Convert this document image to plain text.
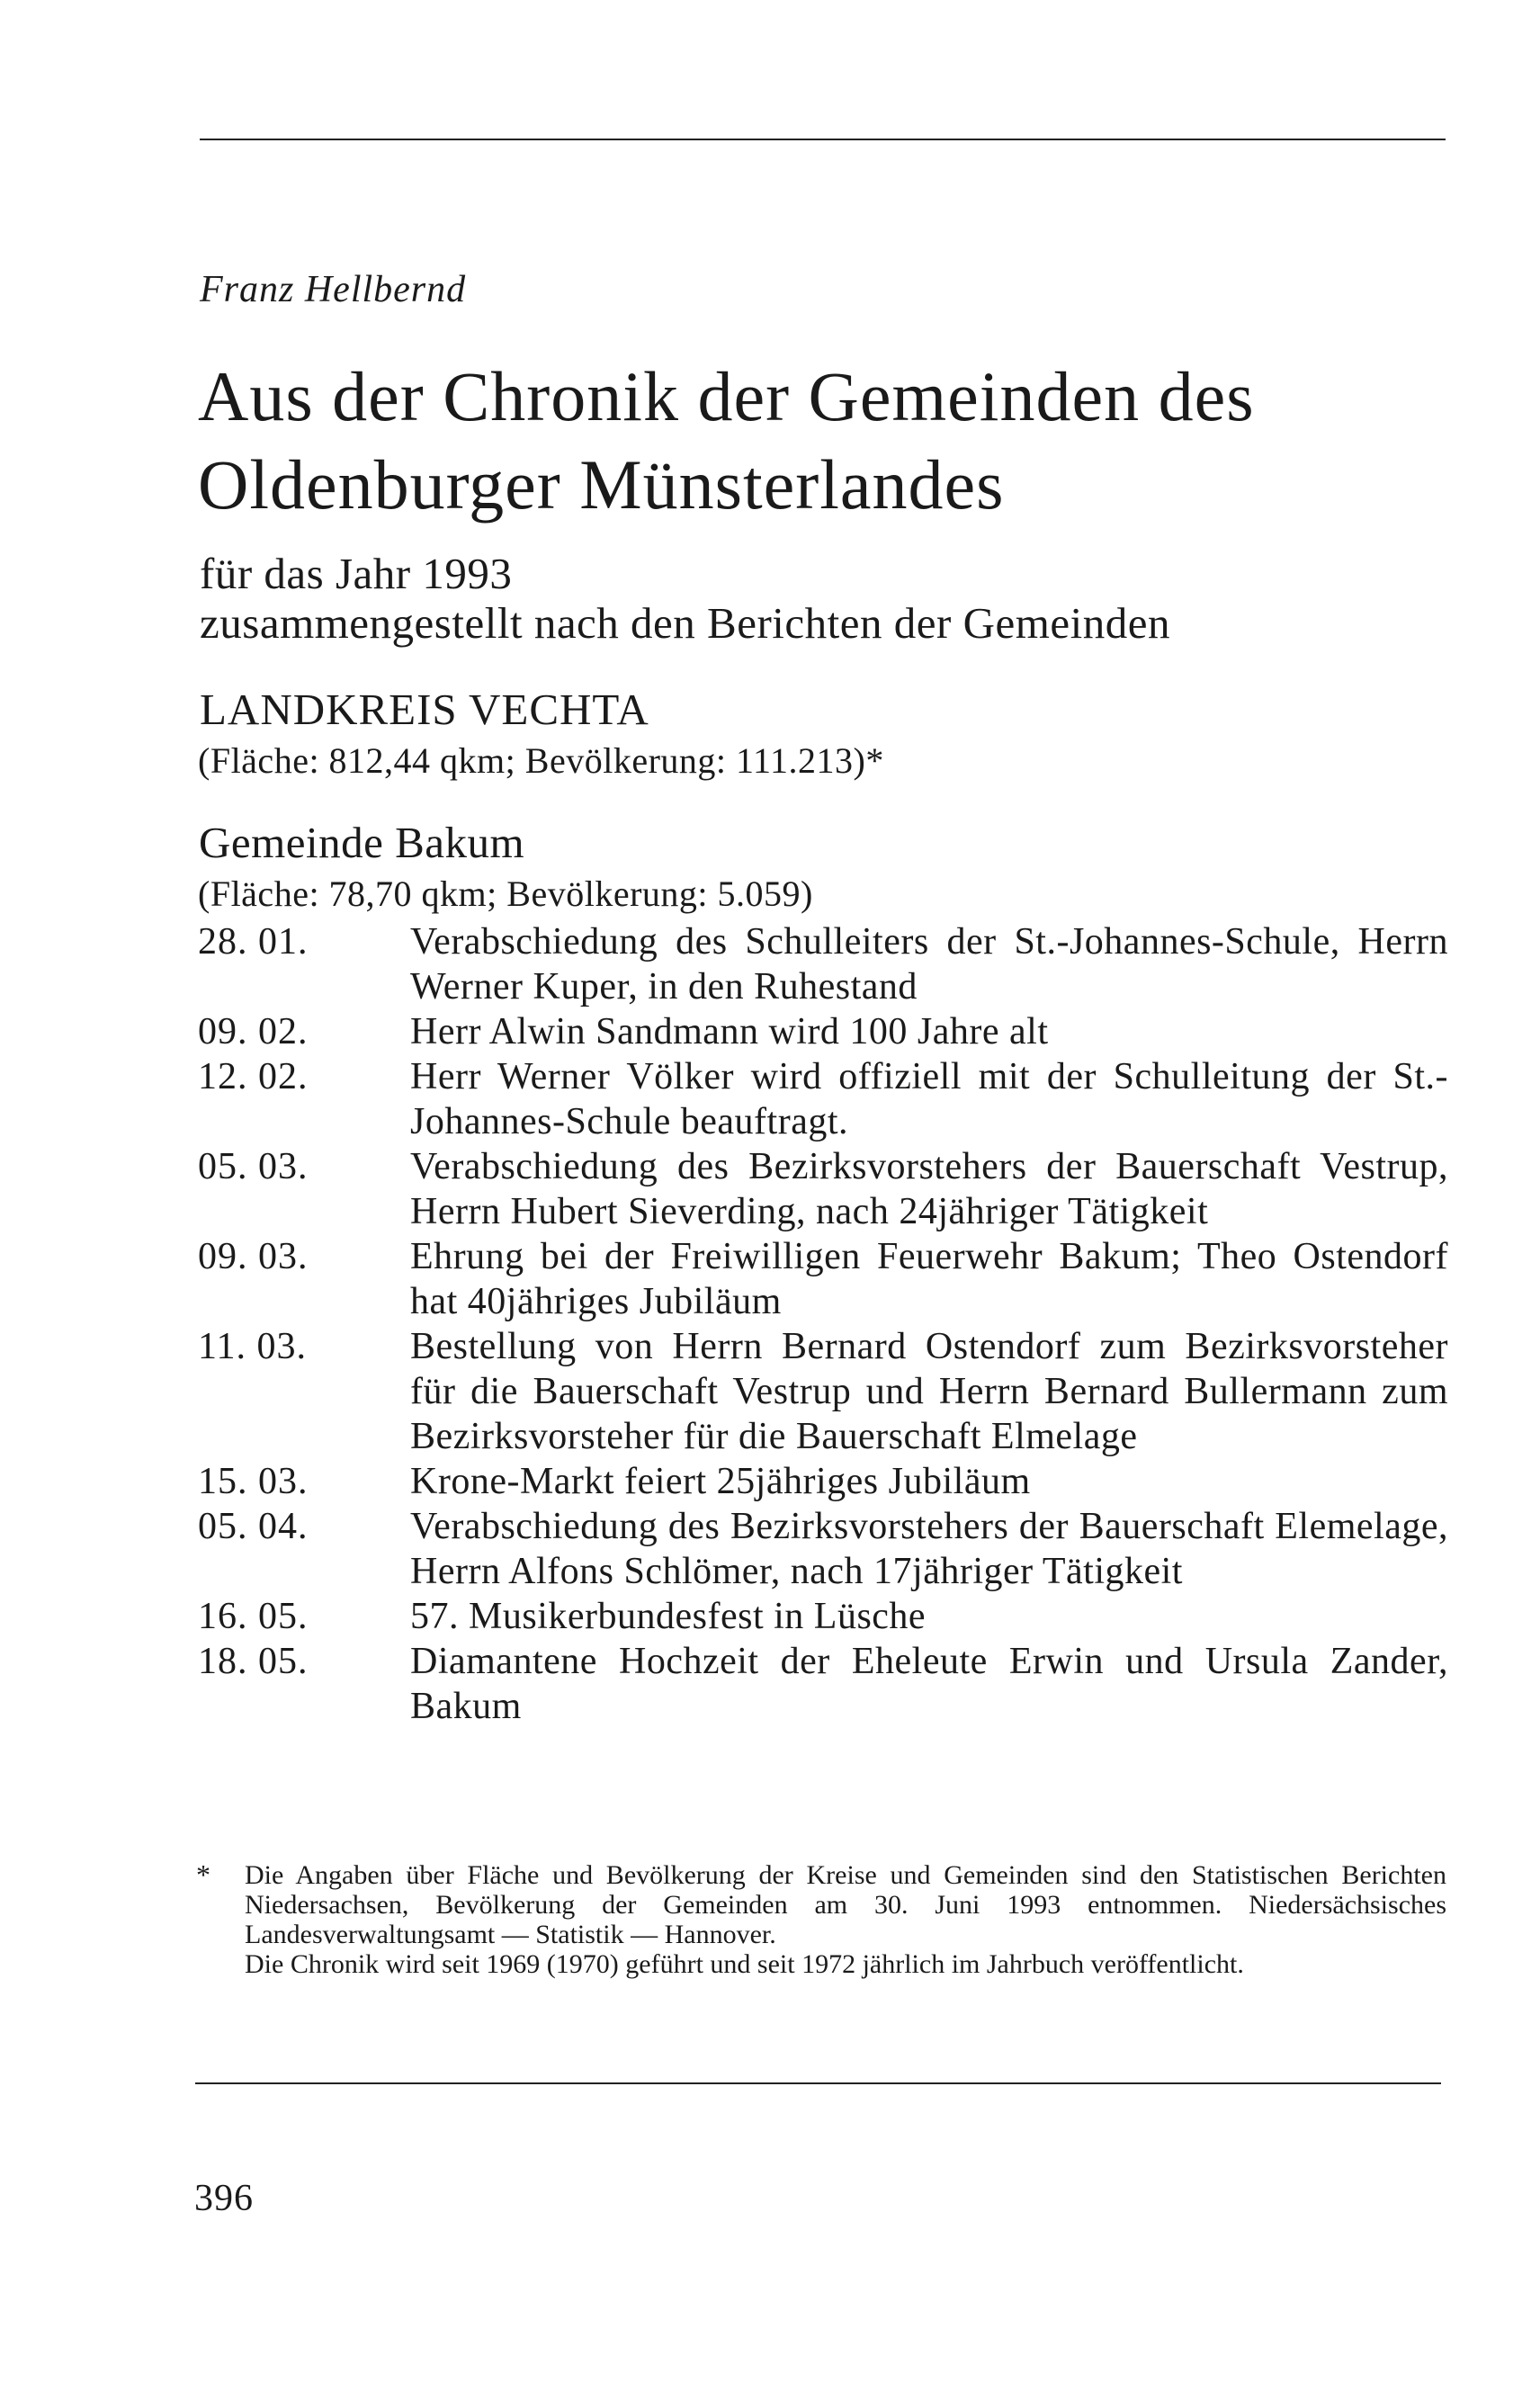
Franz Hellbernd
Aus der Chronik der Gemeinden des
Oldenburger Münsterlandes
für das Jahr 1993
zusammengestellt nach den Berichten der Gemeinden
LANDKREIS VECHTA
(Fläche: 812,44 qkm; Bevölkerung: 111.213)*
Gemeinde Bakum
(Fläche: 78,70 qkm; Bevölkerung: 5.059)
28. 01.	Verabschiedung des Schulleiters der St.-Johannes-Schule, Herrn Werner Kuper, in den Ruhestand
09. 02.	Herr Alwin Sandmann wird 100 Jahre alt
12. 02.	Herr Werner Völker wird offiziell mit der Schulleitung der St.-Johannes-Schule beauftragt.
05. 03.	Verabschiedung des Bezirksvorstehers der Bauerschaft Vestrup, Herrn Hubert Sieverding, nach 24jähriger Tätigkeit
09. 03.	Ehrung bei der Freiwilligen Feuerwehr Bakum; Theo Ostendorf hat 40jähriges Jubiläum
11. 03.	Bestellung von Herrn Bernard Ostendorf zum Bezirksvorsteher für die Bauerschaft Vestrup und Herrn Bernard Bullermann zum Bezirksvorsteher für die Bauerschaft Elmelage
15. 03.	Krone-Markt feiert 25jähriges Jubiläum
05. 04.	Verabschiedung des Bezirksvorstehers der Bauerschaft Elemelage, Herrn Alfons Schlömer, nach 17jähriger Tätigkeit
16. 05.	57. Musikerbundesfest in Lüsche
18. 05.	Diamantene Hochzeit der Eheleute Erwin und Ursula Zander, Bakum
*	Die Angaben über Fläche und Bevölkerung der Kreise und Gemeinden sind den Statistischen Berichten Niedersachsen, Bevölkerung der Gemeinden am 30. Juni 1993 entnommen. Niedersächsisches Landesverwaltungsamt — Statistik — Hannover.

Die Chronik wird seit 1969 (1970) geführt und seit 1972 jährlich im Jahrbuch veröffentlicht.

396
